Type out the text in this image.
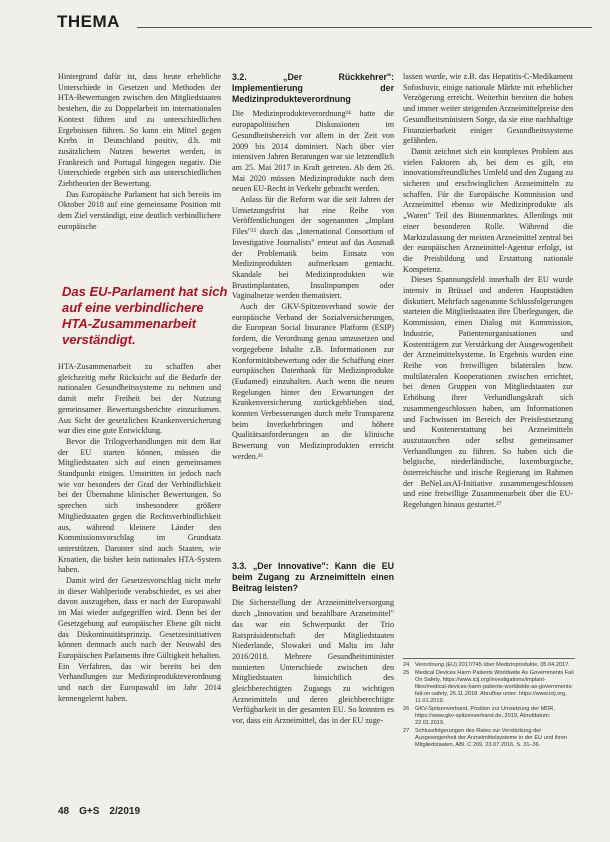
THEMA

Hintergrund dafür ist, dass heute erhebliche Unterschiede in Gesetzen und Methoden der HTA-Bewertungen zwischen den Mitgliedstaaten bestehen, die zu Doppelarbeit im internationalen Kontext führen und zu unterschiedlichen Ergebnissen führen. So kann ein Mittel gegen Krebs in Deutschland positiv, d.h. mit zusätzlichem Nutzen bewertet werden, in Frankreich und Portugal hingegen negativ. Die Unterschiede ergeben sich aus unterschiedlichen Ziehtheorien der Bewertung.

Das Europäische Parlament hat sich bereits im Oktober 2018 auf eine gemeinsame Position mit dem Ziel verständigt, eine deutlich verbindlichere europäische

Das EU-Parlament hat sich auf eine verbindlichere HTA-Zusammenarbeit verständigt.

HTA-Zusammenarbeit zu schaffen aber gleichzeitig mehr Rücksicht auf die Bedarfe der nationalen Gesundheitssysteme zu nehmen und damit mehr Freiheit bei der Nutzung gemeinsamer Bewertungsberichte einzuräumen. Aus Sicht der gesetzlichen Krankenversicherung war dies eine gute Entwicklung.

Bevor die Trilogverhandlungen mit dem Rat der EU starten können, müssen die Mitgliedstaaten sich auf einen gemeinsamen Standpunkt einigen. Umstritten ist jedoch nach wie vor besonders der Grad der Verbindlichkeit bei der Übernahme klinischer Bewertungen. So sprechen sich insbesondere größere Mitgliedstaaten gegen die Rechtsverbindlichkeit aus, während kleinere Länder den Kommissionsvorschlag im Grundsatz unterstützen. Darunter sind auch Staaten, wie Kroatien, die bisher kein nationales HTA-System haben.

Damit wird der Gesetzesvorschlag nicht mehr in dieser Wahlperiode verabschiedet, es sei aber davon auszugehen, dass er nach der Europawahl im Mai wieder aufgegriffen wird. Denn bei der Gesetzgebung auf europäischer Ebene gilt nicht das Diskontinuitätsprinzip. Gesetzesinitiativen können demnach auch nach der Neuwahl des Europäischen Parlaments ihre Gültigkeit behalten. Ein Verfahren, das wir bereits bei den Verhandlungen zur Medizinprodukteverordnung und nach der Europawahl im Jahr 2014 kennengelernt haben.

3.2. „Der Rückkehrer": Implementierung der Medizinprodukteverordnung

Die Medizinprodukteverordnung²⁴ hatte die europapolitischen Diskussionen im Gesundheitsbereich vor allem in der Zeit von 2009 bis 2014 dominiert. Nach über vier intensiven Jahren Beratungen war sie letztendlich am 25. Mai 2017 in Kraft getreten. Ab dem 26. Mai 2020 müssen Medizinprodukte nach dem neuen EU-Recht in Verkehr gebracht werden.

Anlass für die Reform war die seit Jahren der Umsetzungsfrist hat eine Reihe von Veröffentlichungen der sogenannten „Implant Files"²⁵ durch das „International Consortium of Investigative Journalists" erneut auf das Ausmaß der Problematik beim Einsatz von Medizinprodukten aufmerksam gemacht. Skandale bei Medizinprodukten wie Brustimplantaten, Insulinpumpen oder Vaginalnetze werden thematisiert.

Auch der GKV-Spitzenverband sowie der europäische Verband der Sozialversicherungen, die European Social Insurance Platform (ESIP) fordern, die Verordnung genau umzusetzen und vorgegebene Inhalte z.B. Informationen zur Konformitätsbewertung oder die Schaffung einer europäischen Datenbank für Medizinprodukte (Eudamed) einzuhalten. Auch wenn die neuen Regelungen hinter den Erwartungen der Krankenversicherung zurückgeblieben sind, konnten Verbesserungen durch mehr Transparenz beim Inverkehrbringen und höhere Qualitätsanforderungen an die klinische Bewertung von Medizinprodukten erreicht werden.²⁶

3.3. „Der Innovative": Kann die EU beim Zugang zu Arzneimitteln einen Beitrag leisten?

Die Sicherstellung der Arzneimittelversorgung durch „Innovation und bezahlbare Arzneimittel" das war ein Schwerpunkt der Trio Ratspräsidentschaft der Mitgliedstaaten Niederlande, Slowakei und Malta im Jahr 2016/2018. Mehrere Gesundheitsminister monierten Unterschiede zwischen den Mitgliedstaaten hinsichtlich des gleichberechtigten Zugangs zu wichtigen Arzneimitteln und deren gleichberechtigte Verfügbarkeit in der gesamten EU. So konnten es vor, dass ein Arzneimittel, das in der EU zuge-

lassen wurde, wie z.B. das Hepatitis-C-Medikament Sofosbuvir, einige nationale Märkte mit erheblicher Verzögerung erreicht. Weiterhin bereiten die hohen und immer weiter steigenden Arzneimittelpreise den Gesundheitsministern Sorge, da sie eine nachhaltige Finanzierbarkeit einiger Gesundheitssysteme gefährden.

Damit zeichnet sich ein komplexes Problem aus vielen Faktoren ab, bei dem es gilt, ein innovationsfreundliches Umfeld und den Zugang zu sicheren und erschwinglichen Arzneimitteln zu schaffen. Für die Europäische Kommission und Arzneimittel ebenso wie Medizinprodukte als „Waren" Teil des Binnenmarktes. Allerdings mit einer besonderen Rolle. Während die Marktzulassung der meisten Arzneimittel zentral bei der europäischen Arzneimittel-Agentur erfolgt, ist die Preisbildung und Erstattung nationale Kompetenz.

Dieses Spannungsfeld innerhalb der EU wurde intensiv in Brüssel und anderen Hauptstädten diskutiert. Mehrfach sagenannte Schlussfolgerungen starteten die Mitgliedstaaten ihre Überlegungen, die Kommission, einen Dialog mit Kommission, Industrie, Patientenorganisationen und Kostenträgern zur Verstärkung der Ausgewogenheit der Arzneimittelsysteme. In Ergebnis wurden eine Reihe von freiwilligen bilateralen bzw. multilateralen Kooperationen zwischen errichtet, bei denen Gruppen von Mitgliedstaaten zur Erhöhung ihrer Verhandlungskraft sich zusammengeschlossen haben, um Informationen und Fachwissen im Bereich der Preisfestsetzung und Kostenerstattung bei Arzneimitteln auszutauschen oder selbst gemeinsamer Verhandlungen zu führen. So haben sich die belgische, niederländische, luxemburgische, österreichische und irische Regierung im Rahmen der BeNeLuxAI-Initiative zusammengeschlossen und eine freiwillige Zusammenarbeit über die EU-Regelungen hinaus gestartet.²⁷

24	Verordnung (EU) 2017/745 über Medizinprodukte, 05.04.2017.
25	Medical Devices Harm Patients Worldwide As Governments Fail On Safety, https://www.icij.org/investigations/implant-files/medical-devices-harm-patients-worldwide-as-governments-fail-on-safety, 25.11.2018. Abrufbar unter: https://www.icij.org, 11.01.2019.
26	GKV-Spitzenverband, Position zur Umsetzung der MDR, https://www.gkv-spitzenverband.de, 2019, Abrufdatum: 22.01.2019.
27	Schlussfolgerungen des Rates zur Verstärkung der Ausgewogenheit der Arzneimittelsysteme in der EU und ihren Mitgliedstaaten, ABl. C 269, 23.07.2016, S. 31–36.
48 G+S 2/2019
